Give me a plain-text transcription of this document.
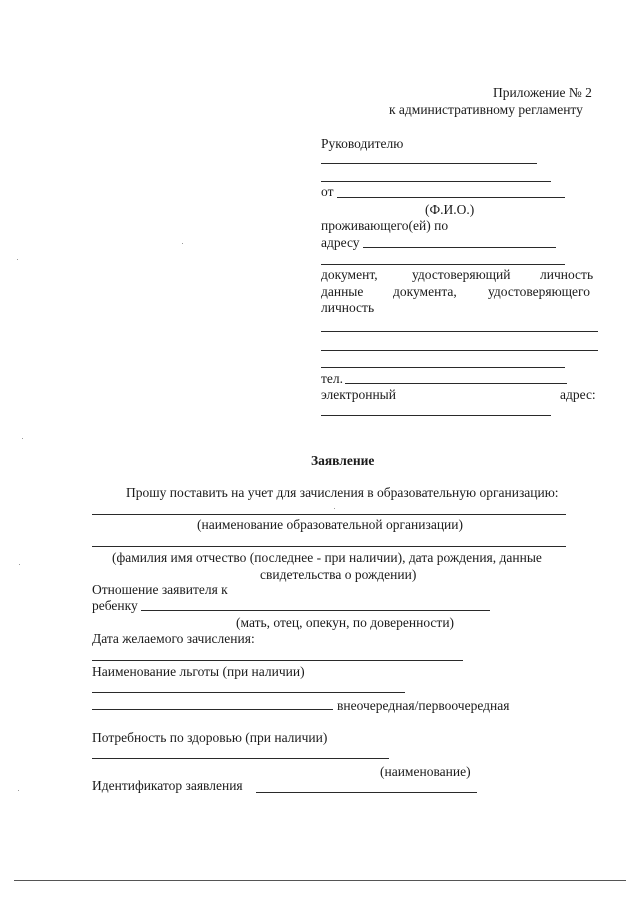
Приложение № 2
к административному регламенту
Руководителю
от
(Ф.И.О.)
проживающего(ей) по
адресу
документ,	удостоверяющий личность
данные документа, удостоверяющего
личность
тел.
электронный	адрес:
Заявление
Прошу поставить на учет для зачисления в образовательную организацию:
(наименование образовательной организации)
(фамилия имя отчество (последнее - при наличии), дата рождения, данные
свидетельства о рождении)
Отношение заявителя к
ребенку
(мать, отец, опекун, по доверенности)
Дата желаемого зачисления:
Наименование льготы (при наличии)
внеочередная/первоочередная
Потребность по здоровью (при наличии)
(наименование)
Идентификатор заявления
